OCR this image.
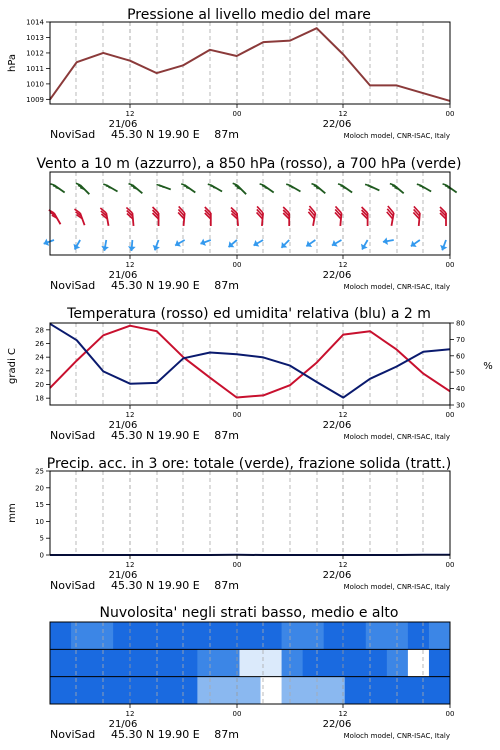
Pressione al livello medio del mare
hPa
1009
1010
1011
1012
1013
1014
12	00	12	00
21/06	22/06
NoviSad 45.30 N 19.90 E 87m	Moloch model, CNR-ISAC, Italy
Vento a 10 m (azzurro), a 850 hPa (rosso), a 700 hPa (verde)
12	00	12	00
21/06	22/06
NoviSad 45.30 N 19.90 E 87m	Moloch model, CNR-ISAC, Italy
Temperatura (rosso) ed umidita' relativa (blu) a 2 m
gradi C	%
18
20
22
24
26
28
30
40
50
60
70
80
12	00	12	00
21/06	22/06
NoviSad 45.30 N 19.90 E 87m	Moloch model, CNR-ISAC, Italy
Precip. acc. in 3 ore: totale (verde), frazione solida (tratt.)
mm
0
5
10
15
20
25
12	00	12	00
21/06	22/06
NoviSad 45.30 N 19.90 E 87m	Moloch model, CNR-ISAC, Italy
Nuvolosita' negli strati basso, medio e alto
12	00	12	00
21/06	22/06
NoviSad 45.30 N 19.90 E 87m	Moloch model, CNR-ISAC, Italy
